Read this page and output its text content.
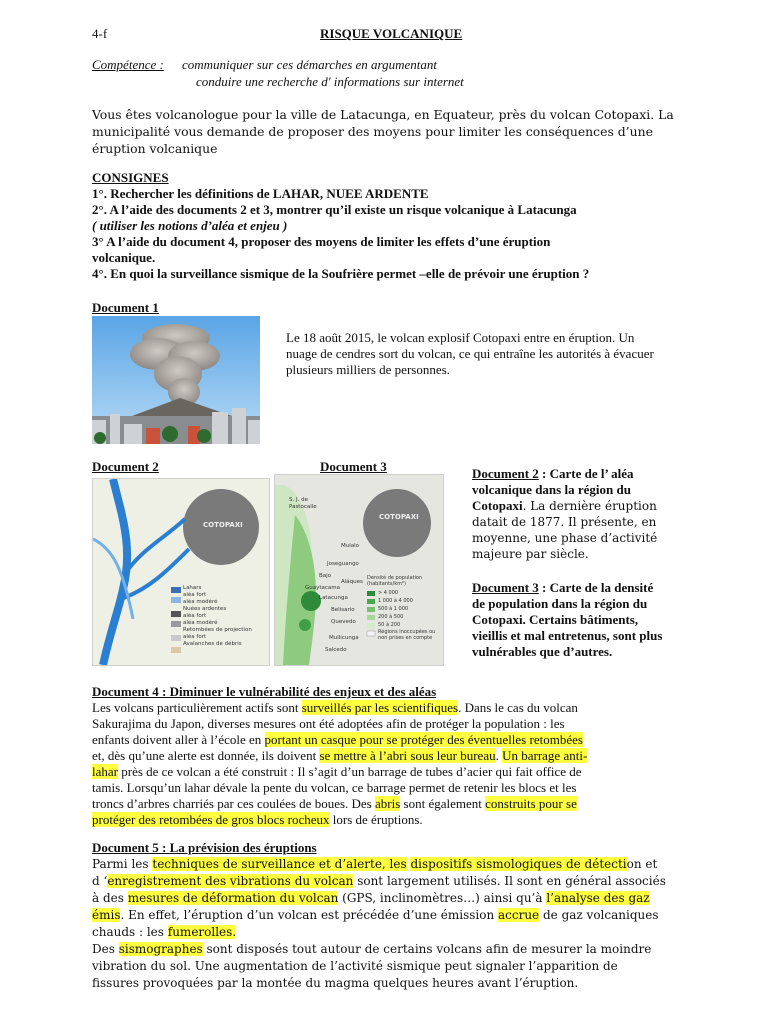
4-f	RISQUE VOLCANIQUE
Compétence : communiquer sur ces démarches en argumentant
conduire une recherche d' informations sur internet
Vous êtes volcanologue pour la ville de Latacunga, en Equateur, près du volcan Cotopaxi. La
municipalité vous demande de proposer des moyens pour limiter les conséquences d’une
éruption volcanique
CONSIGNES
1°. Rechercher les définitions de LAHAR, NUEE ARDENTE
2°. A l’aide des documents 2 et 3, montrer qu’il existe un risque volcanique à Latacunga
( utiliser les notions d’aléa et enjeu )
3° A l’aide du document 4, proposer des moyens de limiter les effets d’une éruption
volcanique.
4°. En quoi la surveillance sismique de la Soufrière permet –elle de prévoir une éruption ?
Document 1
Le 18 août 2015, le volcan explosif Cotopaxi entre en éruption. Un
nuage de cendres sort du volcan, ce qui entraîne les autorités à évacuer
plusieurs milliers de personnes.
Document 2	Document 3
COTOPAXI
Lahars
aléa fort
aléa modéré
Nuées ardentes
aléa fort
aléa modéré
Retombées de projection
aléa fort
Avalanches de débris
COTOPAXI
S. J. de Pastocalle
Mulalo
Joseguango
Bajo
Latacunga
Belisario
Quevedo
Mullicunga
Salcedo
Guaytacama
Aláques
Densité de population (habitants/km²)
> 4 000
1 000 à 4 000
500 à 1 000
200 à 500
50 à 200
Régions inoccupées ou non prises en compte
Document 2 : Carte de l’ aléa
volcanique dans la région du
Cotopaxi. La dernière éruption
datait de 1877. Il présente, en
moyenne, une phase d’activité
majeure par siècle.
Document 3 : Carte de la densité
de population dans la région du
Cotopaxi. Certains bâtiments,
vieillis et mal entretenus, sont plus
vulnérables que d’autres.
Document 4 : Diminuer le vulnérabilité des enjeux et des aléas
Les volcans particulièrement actifs sont surveillés par les scientifiques. Dans le cas du volcan
Sakurajima du Japon, diverses mesures ont été adoptées afin de protéger la population : les
enfants doivent aller à l’école en portant un casque pour se protéger des éventuelles retombées
et, dès qu’une alerte est donnée, ils doivent se mettre à l’abri sous leur bureau. Un barrage anti-
lahar près de ce volcan a été construit : Il s’agit d’un barrage de tubes d’acier qui fait office de
tamis. Lorsqu’un lahar dévale la pente du volcan, ce barrage permet de retenir les blocs et les
troncs d’arbres charriés par ces coulées de boues. Des abris sont également construits pour se
protéger des retombées de gros blocs rocheux lors de éruptions.
Document 5 : La prévision des éruptions
Parmi les techniques de surveillance et d’alerte, les dispositifs sismologiques de détection et
d ‘enregistrement des vibrations du volcan sont largement utilisés. Il sont en général associés
à des mesures de déformation du volcan (GPS, inclinomètres…) ainsi qu’à l’analyse des gaz
émis. En effet, l’éruption d’un volcan est précédée d’une émission accrue de gaz volcaniques
chauds : les fumerolles.
Des sismographes sont disposés tout autour de certains volcans afin de mesurer la moindre
vibration du sol. Une augmentation de l’activité sismique peut signaler l’apparition de
fissures provoquées par la montée du magma quelques heures avant l’éruption.
